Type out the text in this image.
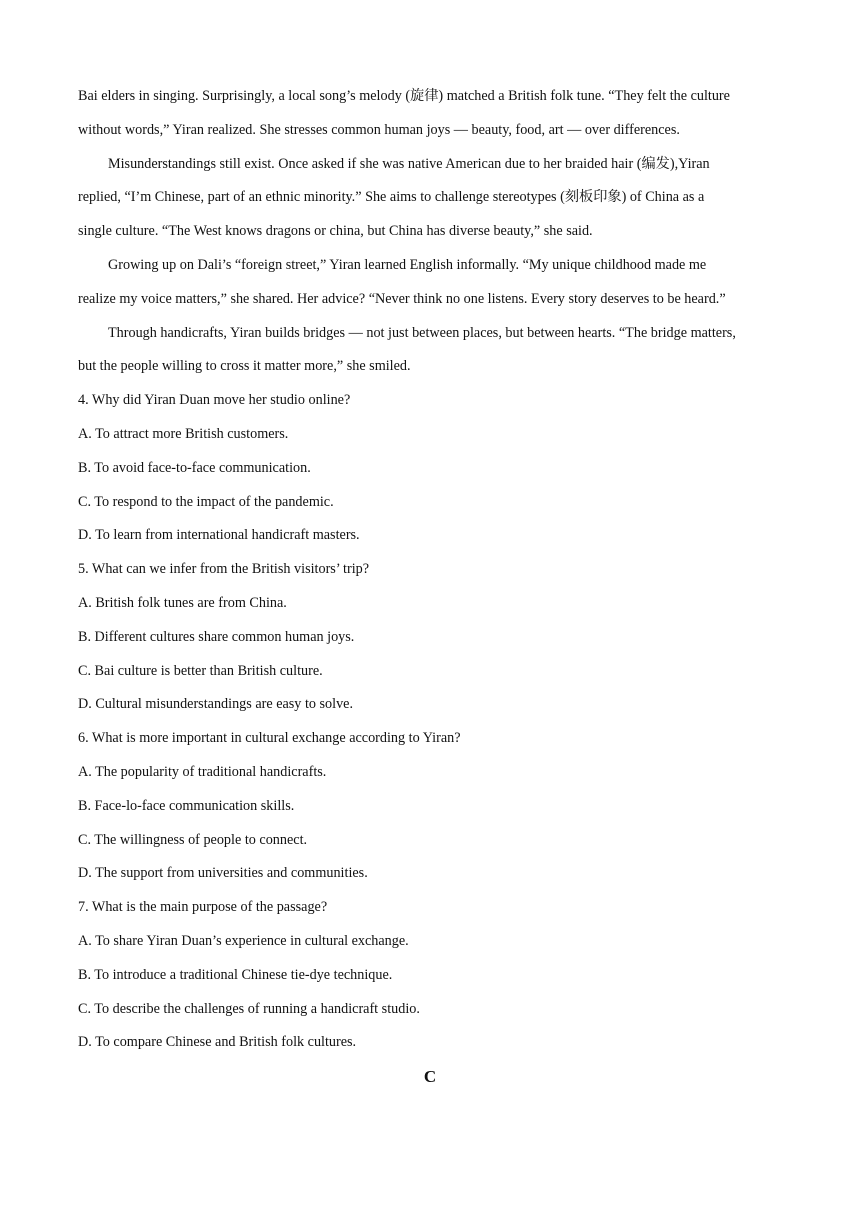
Bai elders in singing. Surprisingly, a local song’s melody (旋律) matched a British folk tune. “They felt the culture
without words,” Yiran realized. She stresses common human joys — beauty, food, art — over differences.
Misunderstandings still exist. Once asked if she was native American due to her braided hair (编发),Yiran
replied, “I’m Chinese, part of an ethnic minority.” She aims to challenge stereotypes (刻板印象) of China as a
single culture. “The West knows dragons or china, but China has diverse beauty,” she said.
Growing up on Dali’s “foreign street,” Yiran learned English informally. “My unique childhood made me
realize my voice matters,” she shared. Her advice? “Never think no one listens. Every story deserves to be heard.”
Through handicrafts, Yiran builds bridges — not just between places, but between hearts. “The bridge matters,
but the people willing to cross it matter more,” she smiled.
4. Why did Yiran Duan move her studio online?
A. To attract more British customers.
B. To avoid face-to-face communication.
C. To respond to the impact of the pandemic.
D. To learn from international handicraft masters.
5. What can we infer from the British visitors’ trip?
A. British folk tunes are from China.
B. Different cultures share common human joys.
C. Bai culture is better than British culture.
D. Cultural misunderstandings are easy to solve.
6. What is more important in cultural exchange according to Yiran?
A. The popularity of traditional handicrafts.
B. Face-lo-face communication skills.
C. The willingness of people to connect.
D. The support from universities and communities.
7. What is the main purpose of the passage?
A. To share Yiran Duan’s experience in cultural exchange.
B. To introduce a traditional Chinese tie-dye technique.
C. To describe the challenges of running a handicraft studio.
D. To compare Chinese and British folk cultures.
C
